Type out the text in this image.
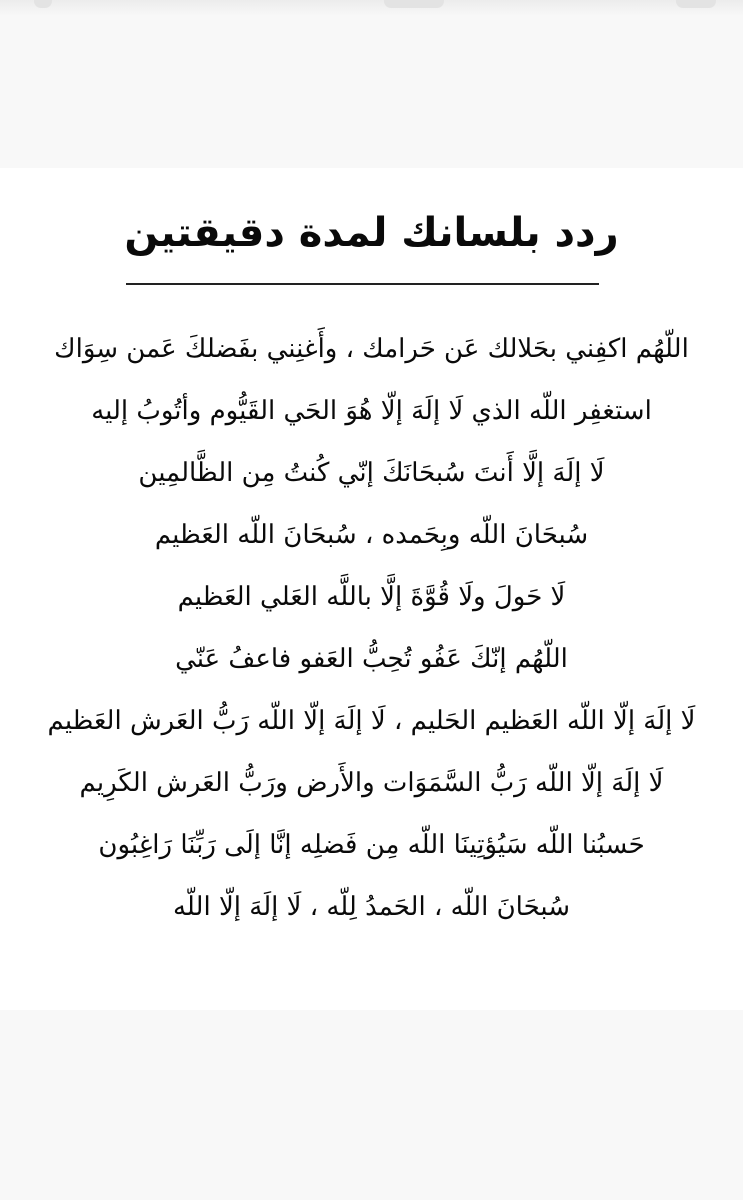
ردد بلسانك لمدة دقيقتين
اللّهُم اكفِني بحَلالك عَن حَرامك ، وأَغنِني بفَضلكَ عَمن سِوَاك
استغفِر اللّه الذي لَا إلَهَ إلّا هُوَ الحَي القَيُّوم وأتُوبُ إليه
لَا إلَهَ إلَّا أَنتَ سُبحَانَكَ إنّي كُنتُ مِن الظَّالمِين
سُبحَانَ اللّه وبِحَمده ، سُبحَانَ اللّه العَظيم
لَا حَولَ ولَا قُوَّةَ إلَّا باللَّه العَلي العَظيم
اللّهُم إنّكَ عَفُو تُحِبُّ العَفو فاعفُ عَنّي
لَا إلَهَ إلّا اللّه العَظيم الحَليم ، لَا إلَهَ إلّا اللّه رَبُّ العَرش العَظيم
لَا إلَهَ إلّا اللّه رَبُّ السَّمَوَات والأَرض ورَبُّ العَرش الكَرِيم
حَسبُنا اللّه سَيُؤتِينَا اللّه مِن فَضلِه إنَّا إلَى رَبِّنَا رَاغِبُون
سُبحَانَ اللّه ، الحَمدُ لِلّه ، لَا إلَهَ إلّا اللّه
